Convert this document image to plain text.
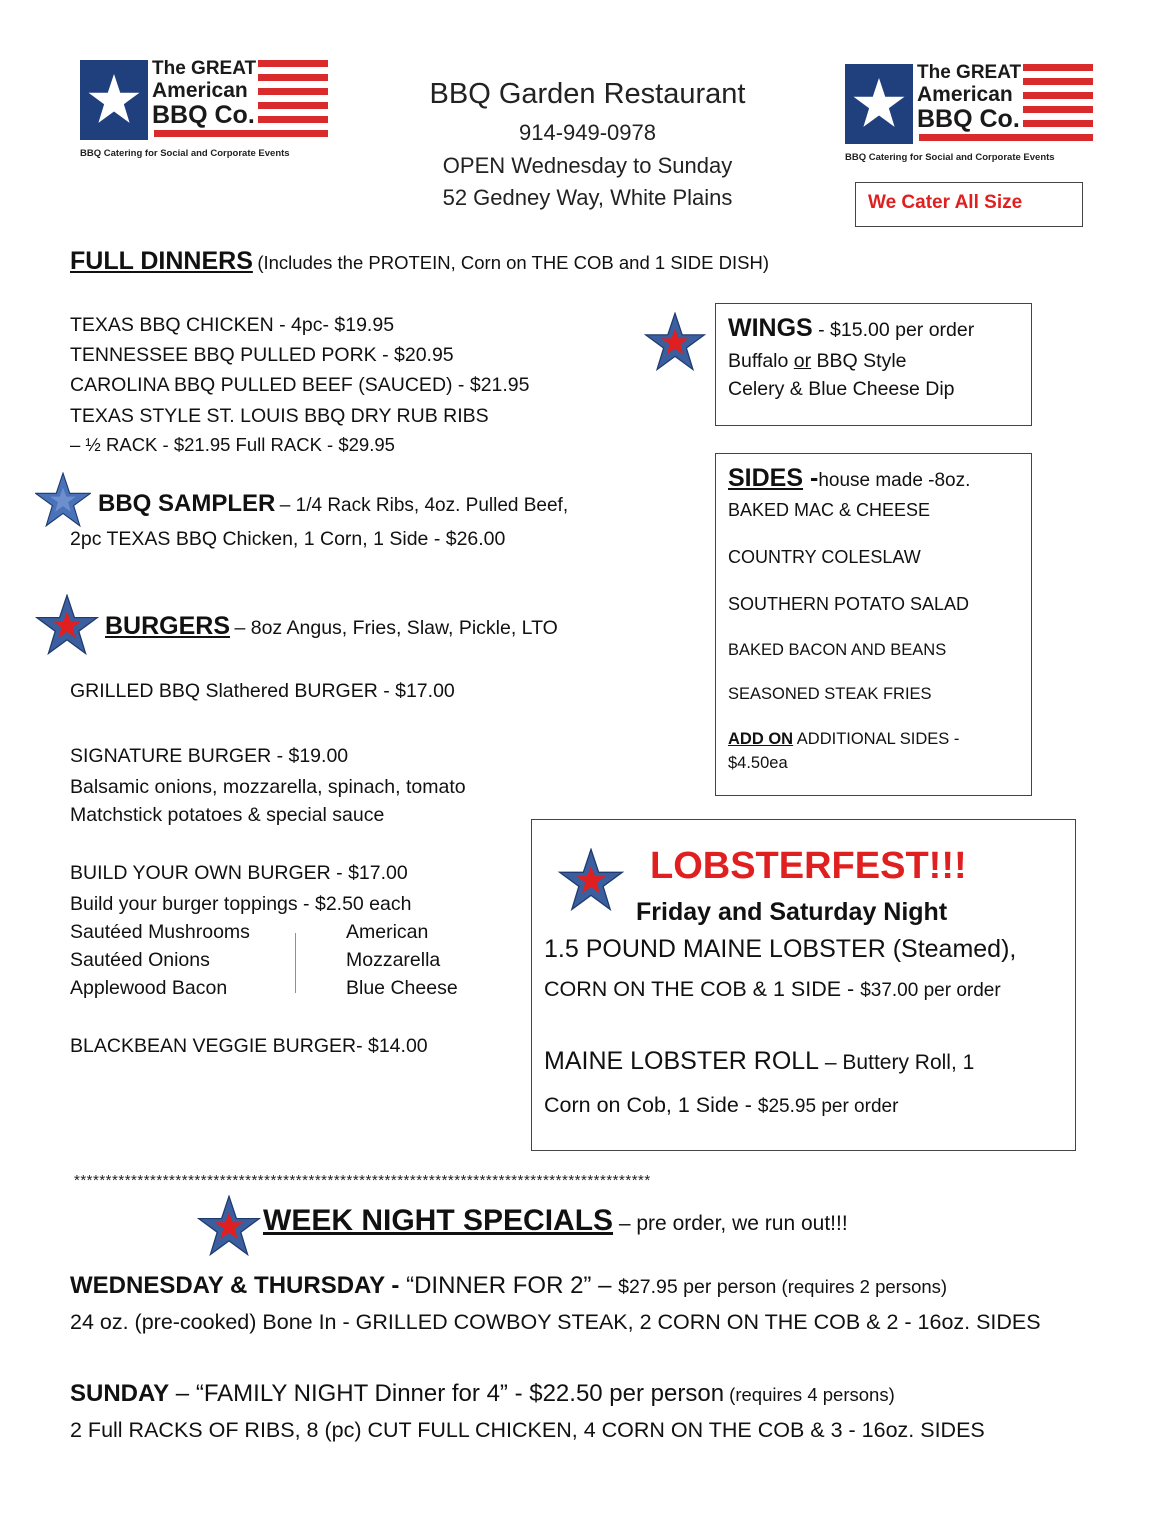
The GREAT
American
BBQ Co.
BBQ Catering for Social and Corporate Events
The GREAT
American
BBQ Co.
BBQ Catering for Social and Corporate Events
BBQ Garden Restaurant
914-949-0978
OPEN Wednesday to Sunday
52 Gedney Way, White Plains	We Cater All Size
FULL DINNERS (Includes the PROTEIN, Corn on THE COB and 1 SIDE DISH)
TEXAS BBQ CHICKEN - 4pc- $19.95
TENNESSEE BBQ PULLED PORK - $20.95
CAROLINA BBQ PULLED BEEF (SAUCED) - $21.95
TEXAS STYLE ST. LOUIS BBQ DRY RUB RIBS
– ½ RACK - $21.95 Full RACK - $29.95
BBQ SAMPLER – 1/4 Rack Ribs, 4oz. Pulled Beef,
2pc TEXAS BBQ Chicken, 1 Corn, 1 Side - $26.00
BURGERS – 8oz Angus, Fries, Slaw, Pickle, LTO
GRILLED BBQ Slathered BURGER - $17.00
SIGNATURE BURGER - $19.00
Balsamic onions, mozzarella, spinach, tomato
Matchstick potatoes & special sauce
BUILD YOUR OWN BURGER - $17.00
Build your burger toppings - $2.50 each
Sautéed Mushrooms
Sautéed Onions
Applewood Bacon
American
Mozzarella
Blue Cheese
BLACKBEAN VEGGIE BURGER- $14.00
WINGS - $15.00 per order
Buffalo or BBQ Style
Celery & Blue Cheese Dip
SIDES -house made -8oz.
BAKED MAC & CHEESE
COUNTRY COLESLAW
SOUTHERN POTATO SALAD
BAKED BACON AND BEANS
SEASONED STEAK FRIES
ADD ON ADDITIONAL SIDES -
$4.50ea
LOBSTERFEST!!!
Friday and Saturday Night
1.5 POUND MAINE LOBSTER (Steamed),
CORN ON THE COB & 1 SIDE - $37.00 per order
MAINE LOBSTER ROLL – Buttery Roll, 1
Corn on Cob, 1 Side - $25.95 per order
*******************************************************************************************
WEEK NIGHT SPECIALS – pre order, we run out!!!
WEDNESDAY & THURSDAY - “DINNER FOR 2” – $27.95 per person (requires 2 persons)
24 oz. (pre-cooked) Bone In - GRILLED COWBOY STEAK, 2 CORN ON THE COB & 2 - 16oz. SIDES
SUNDAY – “FAMILY NIGHT Dinner for 4” - $22.50 per person (requires 4 persons)
2 Full RACKS OF RIBS, 8 (pc) CUT FULL CHICKEN, 4 CORN ON THE COB & 3 - 16oz. SIDES
